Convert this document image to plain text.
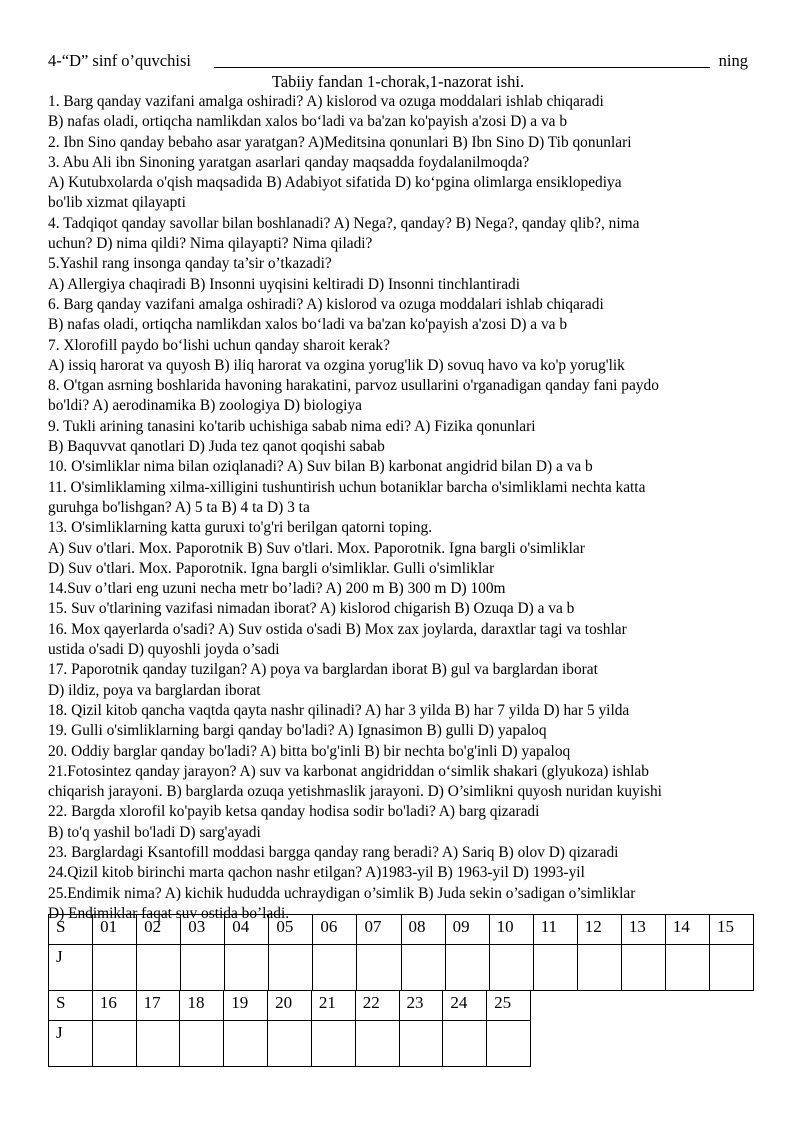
4-“D” sinf o’quvchisi	ning
Tabiiy fandan 1-chorak,1-nazorat ishi.
1. Barg qanday vazifani amalga oshiradi? A) kislorod va ozuga moddalari ishlab chiqaradi
B) nafas oladi, ortiqcha namlikdan xalos bo‘ladi va ba'zan ko'payish a'zosi D) a va b
2. Ibn Sino qanday bebaho asar yaratgan? A)Meditsina qonunlari B) Ibn Sino D) Tib qonunlari
3. Abu Ali ibn Sinoning yaratgan asarlari qanday maqsadda foydalanilmoqda?
A) Kutubxolarda o'qish maqsadida B) Adabiyot sifatida D) ko‘pgina olimlarga ensiklopediya
bo'lib xizmat qilayapti
4. Tadqiqot qanday savollar bilan boshlanadi? A) Nega?, qanday? B) Nega?, qanday qlib?, nima
uchun? D) nima qildi? Nima qilayapti? Nima qiladi?
5.Yashil rang insonga qanday ta’sir o’tkazadi?
A) Allergiya chaqiradi B) Insonni uyqisini keltiradi D) Insonni tinchlantiradi
6. Barg qanday vazifani amalga oshiradi? A) kislorod va ozuga moddalari ishlab chiqaradi
B) nafas oladi, ortiqcha namlikdan xalos bo‘ladi va ba'zan ko'payish a'zosi D) a va b
7. Xlorofill paydo bo‘lishi uchun qanday sharoit kerak?
A) issiq harorat va quyosh B) iliq harorat va ozgina yorug'lik D) sovuq havo va ko'p yorug'lik
8. O'tgan asrning boshlarida havoning harakatini, parvoz usullarini o'rganadigan qanday fani paydo
bo'ldi? A) aerodinamika B) zoologiya D) biologiya
9. Tukli arining tanasini ko'tarib uchishiga sabab nima edi? A) Fizika qonunlari
B) Baquvvat qanotlari D) Juda tez qanot qoqishi sabab
10. O'simliklar nima bilan oziqlanadi? A) Suv bilan B) karbonat angidrid bilan D) a va b
11. O'simliklaming xilma-xilligini tushuntirish uchun botaniklar barcha o'simliklami nechta katta
guruhga bo'lishgan? A) 5 ta B) 4 ta D) 3 ta
13. O'simliklarning katta guruxi to'g'ri berilgan qatorni toping.
A) Suv o'tlari. Mox. Paporotnik B) Suv o'tlari. Mox. Paporotnik. Igna bargli o'simliklar
D) Suv o'tlari. Mox. Paporotnik. Igna bargli o'simliklar. Gulli o'simliklar
14.Suv o’tlari eng uzuni necha metr bo’ladi? A) 200 m B) 300 m D) 100m
15. Suv o'tlarining vazifasi nimadan iborat? A) kislorod chigarish B) Ozuqa D) a va b
16. Mox qayerlarda o'sadi? A) Suv ostida o'sadi B) Mox zax joylarda, daraxtlar tagi va toshlar
ustida o'sadi D) quyoshli joyda o’sadi
17. Paporotnik qanday tuzilgan? A) poya va barglardan iborat B) gul va barglardan iborat
D) ildiz, poya va barglardan iborat
18. Qizil kitob qancha vaqtda qayta nashr qilinadi? A) har 3 yilda B) har 7 yilda D) har 5 yilda
19. Gulli o'simliklarning bargi qanday bo'ladi? A) Ignasimon B) gulli D) yapaloq
20. Oddiy barglar qanday bo'ladi? A) bitta bo'g'inli B) bir nechta bo'g'inli D) yapaloq
21.Fotosintez qanday jarayon? A) suv va karbonat angidriddan o‘simlik shakari (glyukoza) ishlab
chiqarish jarayoni. B) barglarda ozuqa yetishmaslik jarayoni. D) O’simlikni quyosh nuridan kuyishi
22. Bargda xlorofil ko'payib ketsa qanday hodisa sodir bo'ladi? A) barg qizaradi
B) to'q yashil bo'ladi D) sarg'ayadi
23. Barglardagi Ksantofill moddasi bargga qanday rang beradi? A) Sariq B) olov D) qizaradi
24.Qizil kitob birinchi marta qachon nashr etilgan? A)1983-yil B) 1963-yil D) 1993-yil
25.Endimik nima? A) kichik hududda uchraydigan o’simlik B) Juda sekin o’sadigan o’simliklar
D) Endimiklar faqat suv ostida bo’ladi.
S	01	02	03	04	05	06	07	08	09	10	11	12	13	14	15
J															
S	16	17	18	19	20	21	22	23	24	25
J										
